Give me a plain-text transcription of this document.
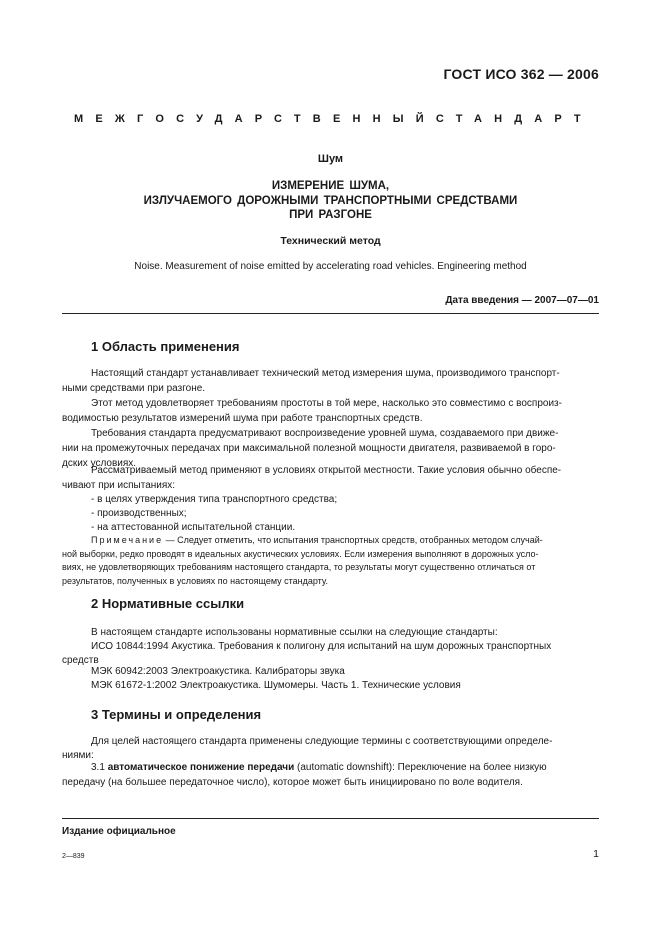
ГОСТ ИСО 362 — 2006
МЕЖГОСУДАРСТВЕННЫЙ СТАНДАРТ
Шум
ИЗМЕРЕНИЕ ШУМА,
ИЗЛУЧАЕМОГО ДОРОЖНЫМИ ТРАНСПОРТНЫМИ СРЕДСТВАМИ
ПРИ РАЗГОНЕ
Технический метод
Noise. Measurement of noise emitted by accelerating road vehicles. Engineering method
Дата введения — 2007—07—01
1 Область применения
Настоящий стандарт устанавливает технический метод измерения шума, производимого транспорт-
ными средствами при разгоне.
Этот метод удовлетворяет требованиям простоты в той мере, насколько это совместимо с воспроиз-
водимостью результатов измерений шума при работе транспортных средств.
Требования стандарта предусматривают воспроизведение уровней шума, создаваемого при движе-
нии на промежуточных передачах при максимальной полезной мощности двигателя, развиваемой в горо-
дских условиях.
Рассматриваемый метод применяют в условиях открытой местности. Такие условия обычно обеспе-
чивают при испытаниях:
- в целях утверждения типа транспортного средства;
- производственных;
- на аттестованной испытательной станции.
Примечание — Следует отметить, что испытания транспортных средств, отобранных методом случай-
ной выборки, редко проводят в идеальных акустических условиях. Если измерения выполняют в дорожных усло-
виях, не удовлетворяющих требованиям настоящего стандарта, то результаты могут существенно отличаться от
результатов, полученных в условиях по настоящему стандарту.
2 Нормативные ссылки
В настоящем стандарте использованы нормативные ссылки на следующие стандарты:
ИСО 10844:1994 Акустика. Требования к полигону для испытаний на шум дорожных транспортных
средств
МЭК 60942:2003 Электроакустика. Калибраторы звука
МЭК 61672-1:2002 Электроакустика. Шумомеры. Часть 1. Технические условия
3 Термины и определения
Для целей настоящего стандарта применены следующие термины с соответствующими определе-
ниями:
3.1 автоматическое понижение передачи (automatic downshift): Переключение на более низкую
передачу (на большее передаточное число), которое может быть инициировано по воле водителя.
Издание официальное
2—839	1
